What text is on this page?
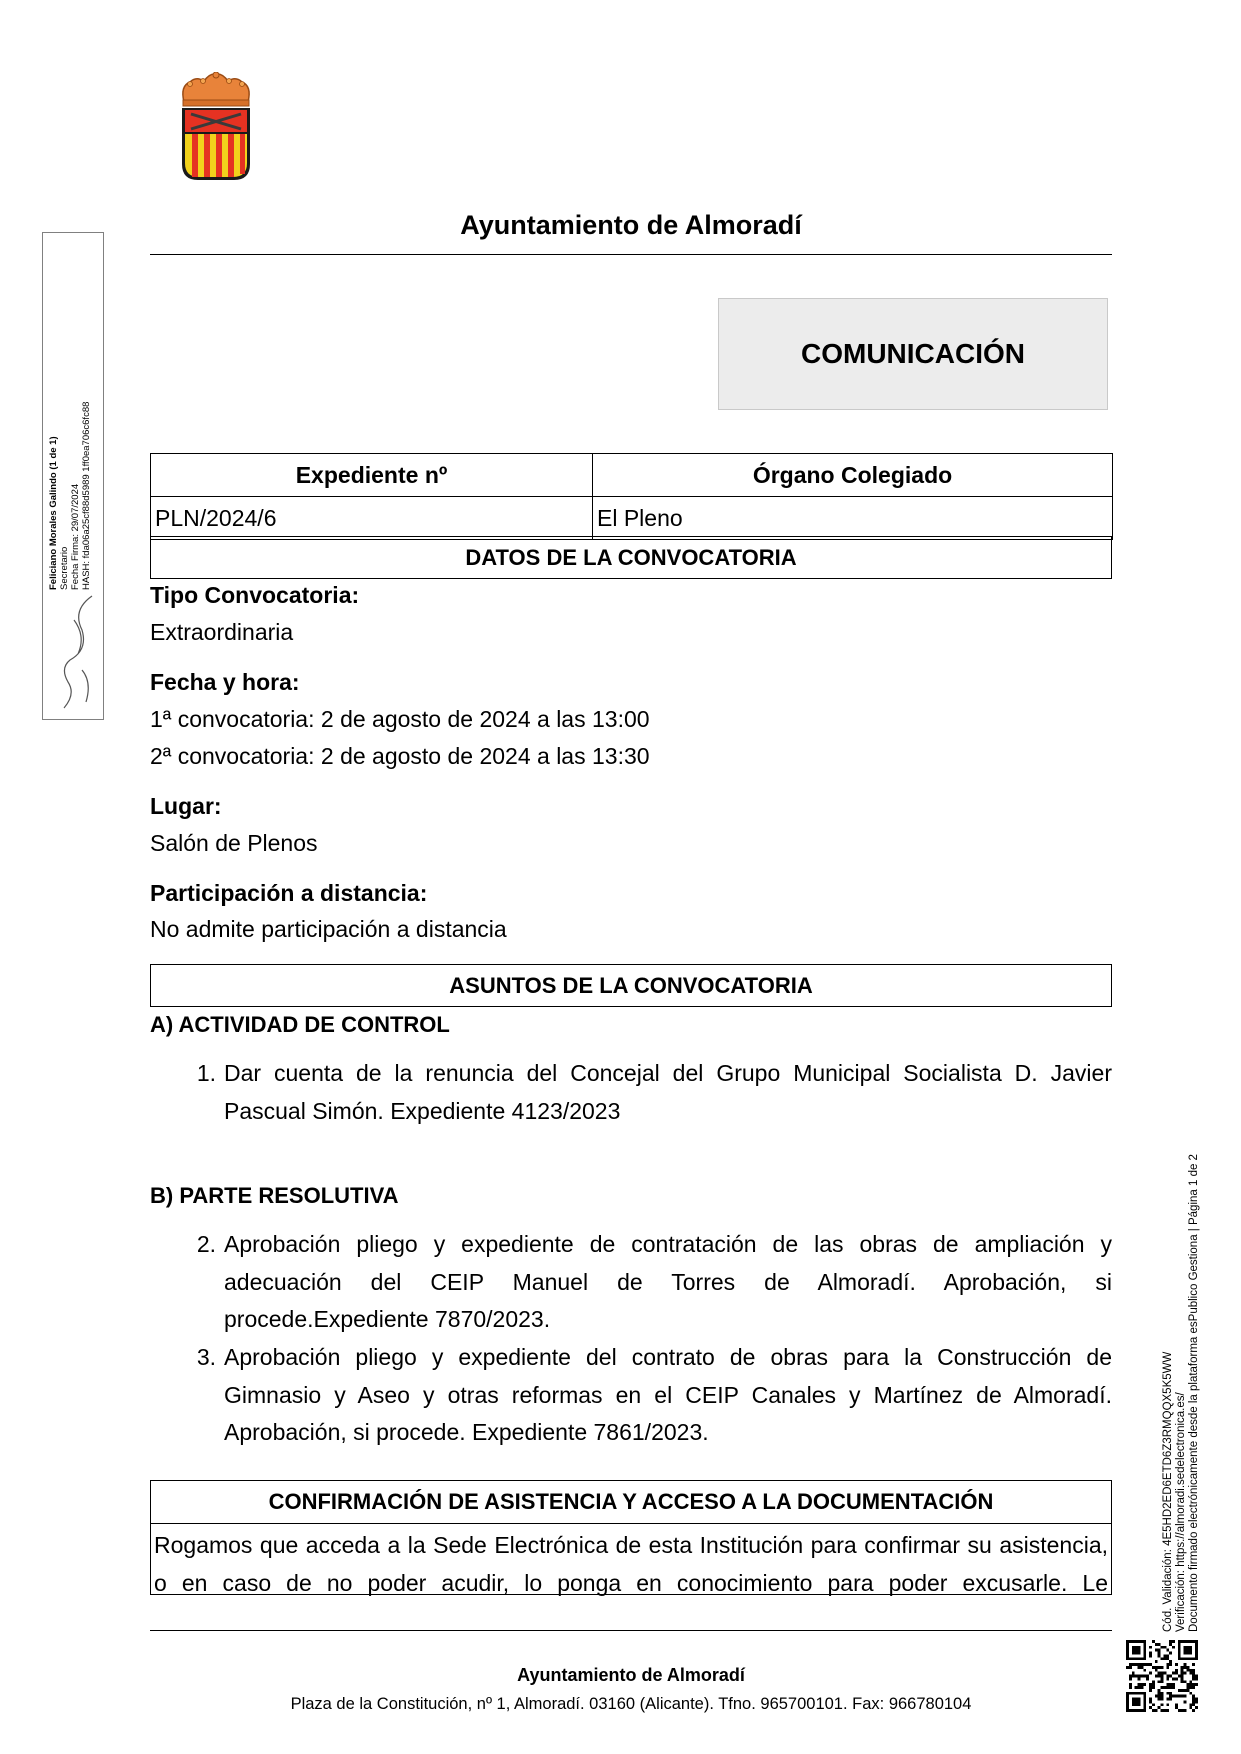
Ayuntamiento de Almoradí
COMUNICACIÓN
Expediente nº	Órgano Colegiado
PLN/2024/6	El Pleno
DATOS DE LA CONVOCATORIA
Tipo Convocatoria:
Extraordinaria
Fecha y hora:
1ª convocatoria: 2 de agosto de 2024 a las 13:00
2ª convocatoria: 2 de agosto de 2024 a las 13:30
Lugar:
Salón de Plenos
Participación a distancia:
No admite participación a distancia
ASUNTOS DE LA CONVOCATORIA
A) ACTIVIDAD DE CONTROL
1. Dar cuenta de la renuncia del Concejal del Grupo Municipal Socialista D. Javier
Pascual Simón. Expediente 4123/2023
B) PARTE RESOLUTIVA
2. Aprobación pliego y expediente de contratación de las obras de ampliación y
adecuación del CEIP Manuel de Torres de Almoradí. Aprobación, si
procede.Expediente 7870/2023.
3. Aprobación pliego y expediente del contrato de obras para la Construcción de
Gimnasio y Aseo y otras reformas en el CEIP Canales y Martínez de Almoradí.
Aprobación, si procede. Expediente 7861/2023.
CONFIRMACIÓN DE ASISTENCIA Y ACCESO A LA DOCUMENTACIÓN
Rogamos que acceda a la Sede Electrónica de esta Institución para confirmar su asistencia,
o en caso de no poder acudir, lo ponga en conocimiento para poder excusarle. Le
Ayuntamiento de Almoradí
Plaza de la Constitución, nº 1, Almoradí. 03160 (Alicante). Tfno. 965700101. Fax: 966780104
Feliciano Morales Galindo (1 de 1) Secretario Fecha Firma: 29/07/2024 HASH: fda06a25cf88d5989 1ff0ea706c6fc88
Cód. Validación: 4E5HD2ED6ETD6Z3RMQQX5K5WW Verificación: https://almoradi.sedelectronica.es/ Documento firmado electrónicamente desde la plataforma esPublico Gestiona | Página 1 de 2
